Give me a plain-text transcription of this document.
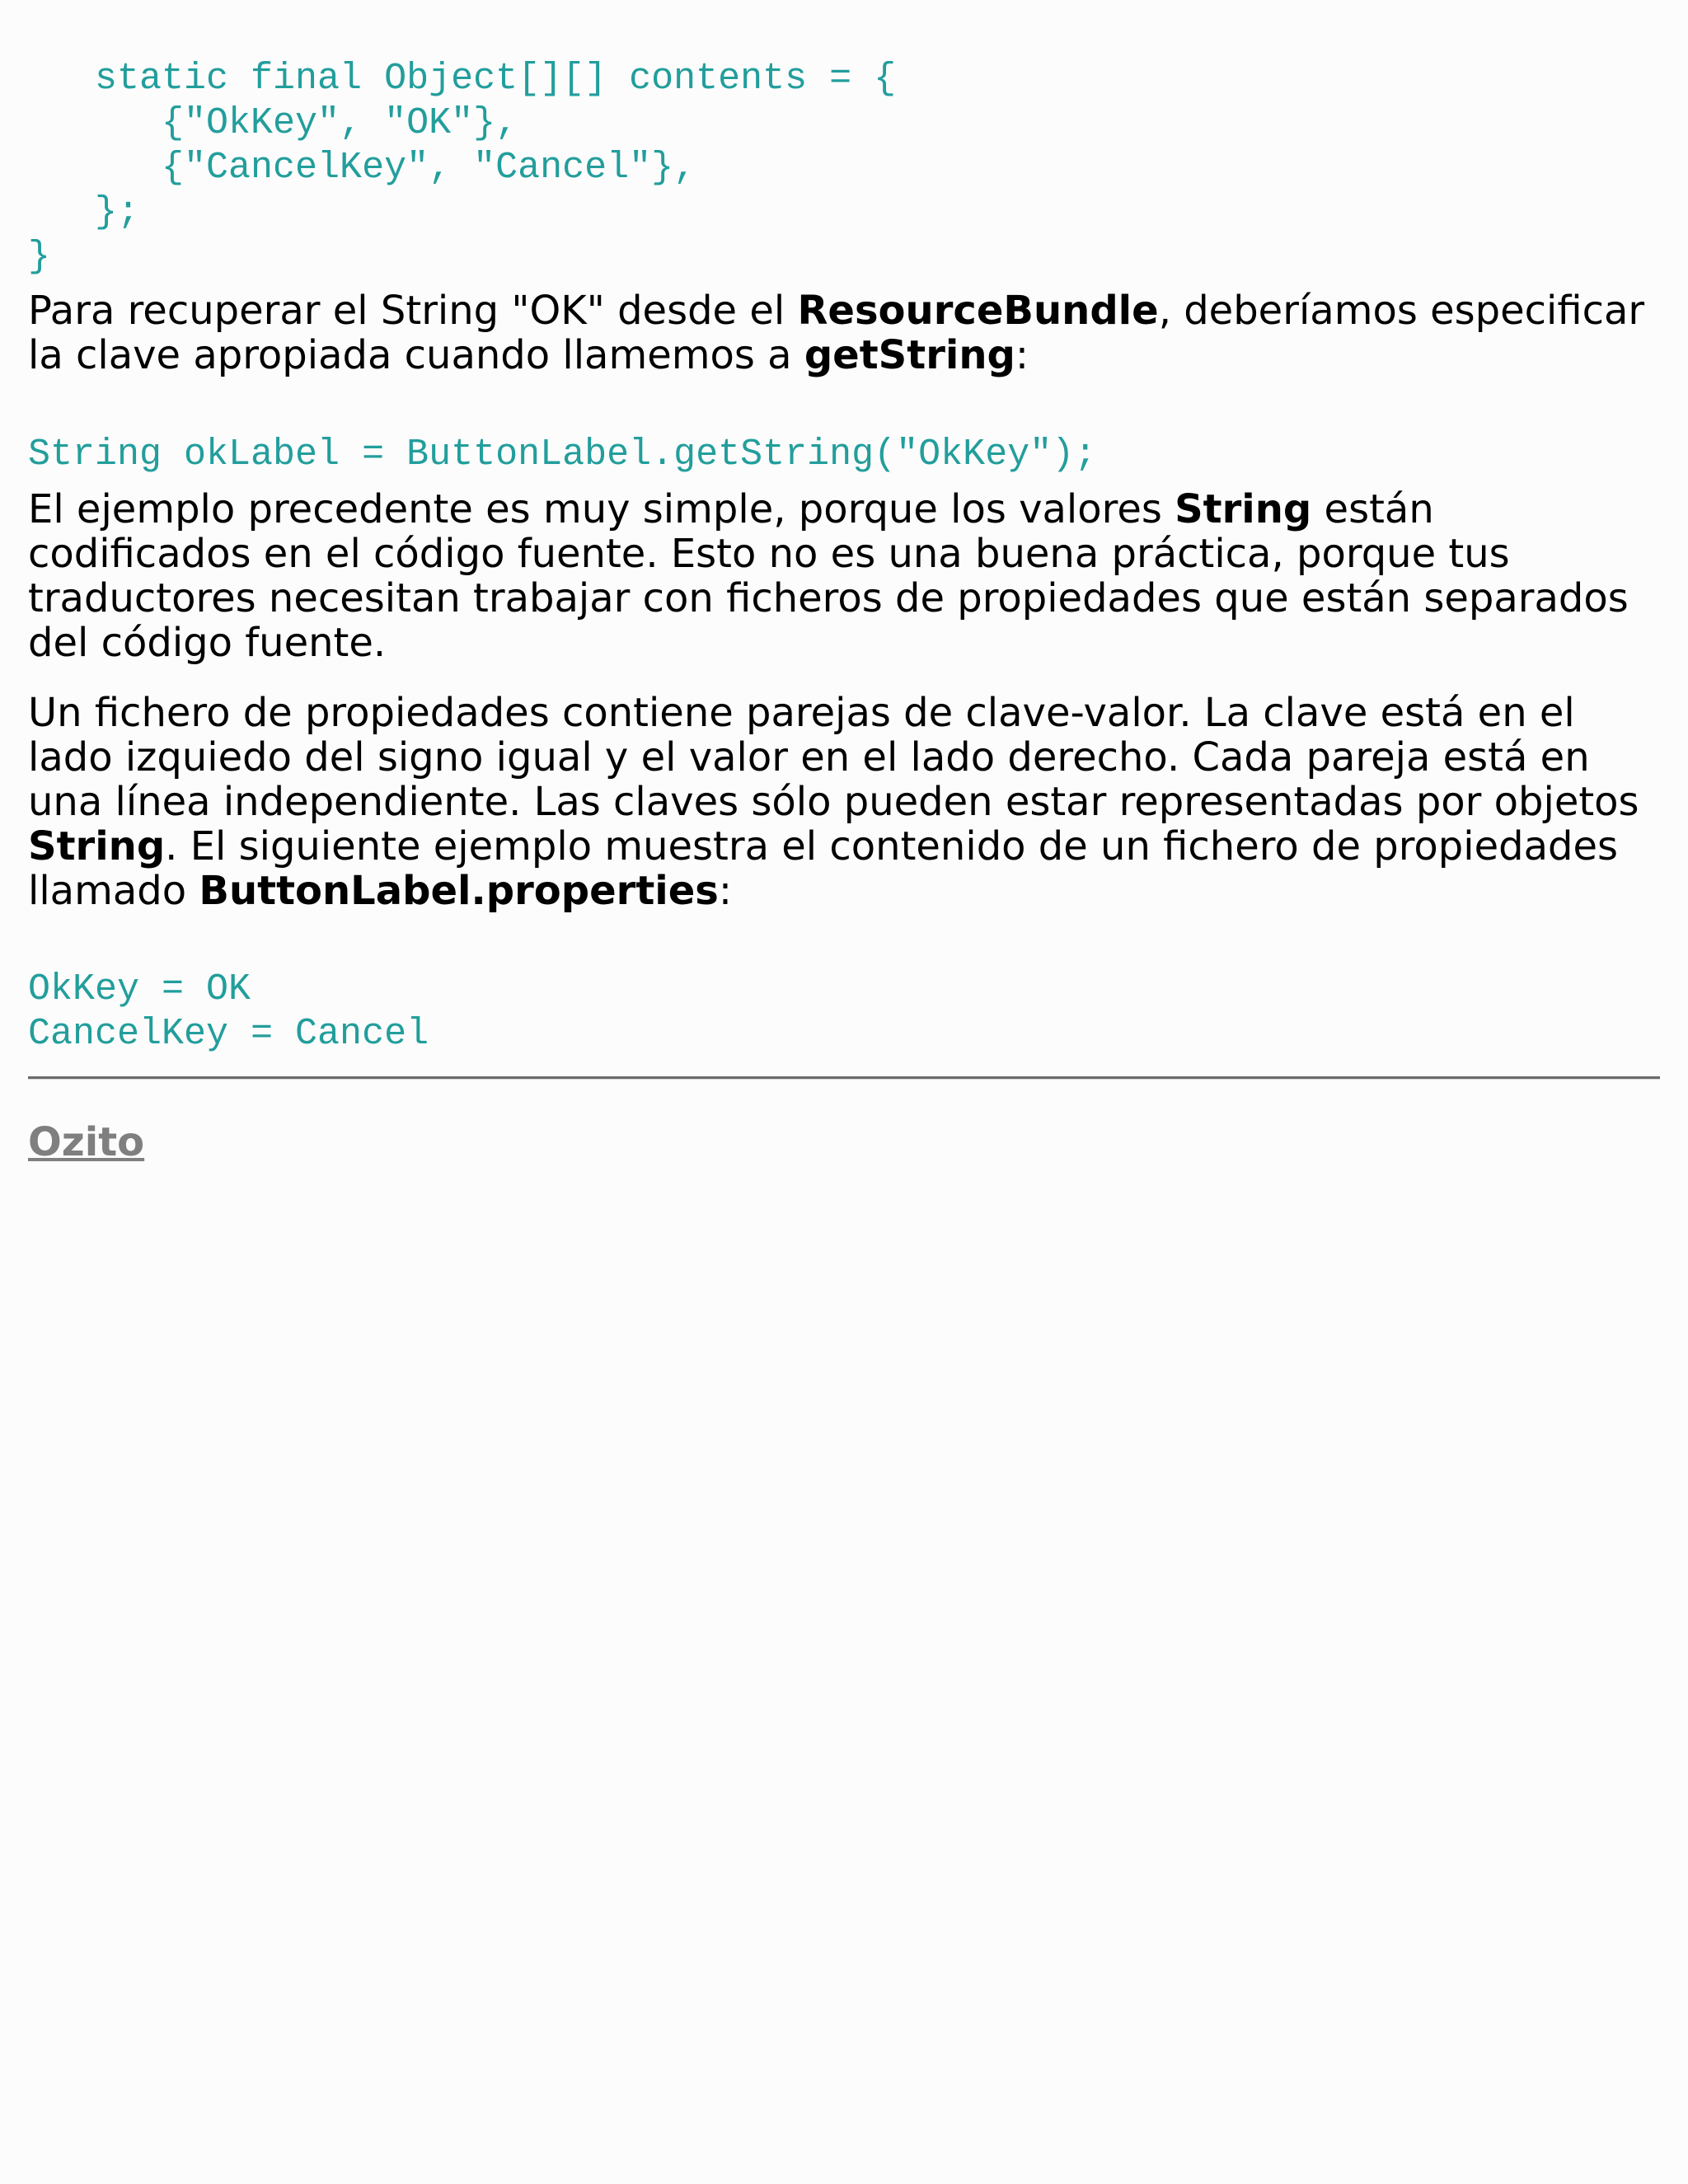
static final Object[][] contents = {
{"OkKey", "OK"},
{"CancelKey", "Cancel"},
};
}

Para recuperar el String "OK" desde el ResourceBundle, deberíamos especificar la clave apropiada cuando llamemos a getString:

String okLabel = ButtonLabel.getString("OkKey");

El ejemplo precedente es muy simple, porque los valores String están codificados en el código fuente. Esto no es una buena práctica, porque tus traductores necesitan trabajar con ficheros de propiedades que están separados del código fuente.

Un fichero de propiedades contiene parejas de clave-valor. La clave está en el lado izquiedo del signo igual y el valor en el lado derecho. Cada pareja está en una línea independiente. Las claves sólo pueden estar representadas por objetos String. El siguiente ejemplo muestra el contenido de un fichero de propiedades llamado ButtonLabel.properties:

OkKey = OK
CancelKey = Cancel
Ozito
